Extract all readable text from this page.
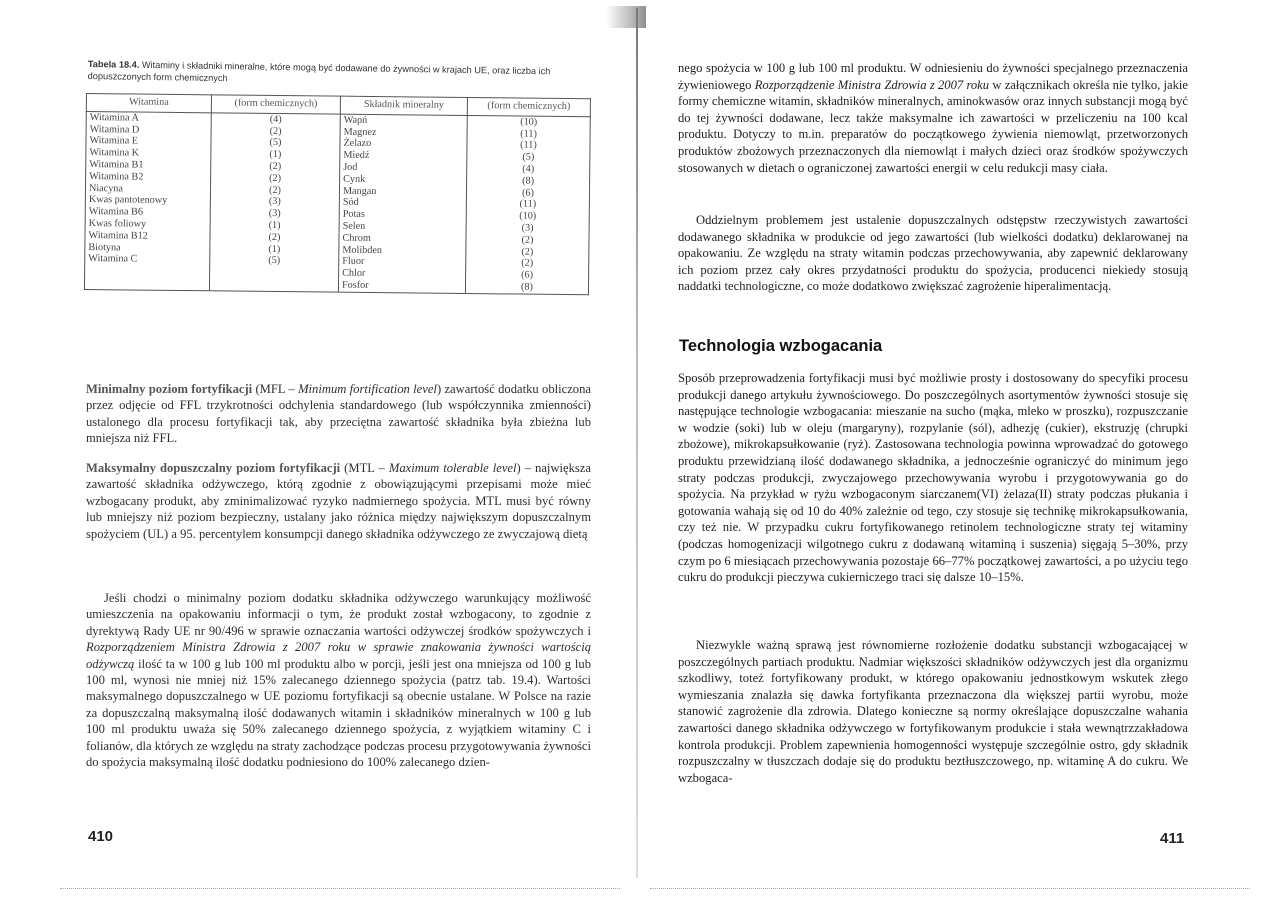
Tabela 18.4. Witaminy i składniki mineralne, które mogą być dodawane do żywności w krajach UE, oraz liczba ich dopuszczonych form chemicznych
Witamina	(form chemicznych)	Składnik mineralny	(form chemicznych)
Witamina A	(4)	Wapń	(10)
Witamina D	(2)	Magnez	(11)
Witamina E	(5)	Żelazo	(11)
Witamina K	(1)	Miedź	(5)
Witamina B1	(2)	Jod	(4)
Witamina B2	(2)	Cynk	(8)
Niacyna	(2)	Mangan	(6)
Kwas pantotenowy	(3)	Sód	(11)
Witamina B6	(3)	Potas	(10)
Kwas foliowy	(1)	Selen	(3)
Witamina B12	(2)	Chrom	(2)
Biotyna	(1)	Molibden	(2)
Witamina C	(5)	Fluor	(2)
		Chlor	(6)
		Fosfor	(8)

Minimalny poziom fortyfikacji (MFL – Minimum fortification level) zawartość dodatku obliczona przez odjęcie od FFL trzykrotności odchylenia standardowego (lub współczynnika zmienności) ustalonego dla procesu fortyfikacji tak, aby przeciętna zawartość składnika była zbieżna lub mniejsza niż FFL.

Maksymalny dopuszczalny poziom fortyfikacji (MTL – Maximum tolerable level) – największa zawartość składnika odżywczego, którą zgodnie z obowiązującymi przepisami może mieć wzbogacany produkt, aby zminimalizować ryzyko nadmiernego spożycia. MTL musi być równy lub mniejszy niż poziom bezpieczny, ustalany jako różnica między największym dopuszczalnym spożyciem (UL) a 95. percentylem konsumpcji danego składnika odżywczego ze zwyczajową dietą

Jeśli chodzi o minimalny poziom dodatku składnika odżywczego warunkujący możliwość umieszczenia na opakowaniu informacji o tym, że produkt został wzbogacony, to zgodnie z dyrektywą Rady UE nr 90/496 w sprawie oznaczania wartości odżywczej środków spożywczych i Rozporządzeniem Ministra Zdrowia z 2007 roku w sprawie znakowania żywności wartością odżywczą ilość ta w 100 g lub 100 ml produktu albo w porcji, jeśli jest ona mniejsza od 100 g lub 100 ml, wynosi nie mniej niż 15% zalecanego dziennego spożycia (patrz tab. 19.4). Wartości maksymalnego dopuszczalnego w UE poziomu fortyfikacji są obecnie ustalane. W Polsce na razie za dopuszczalną maksymalną ilość dodawanych witamin i składników mineralnych w 100 g lub 100 ml produktu uważa się 50% zalecanego dziennego spożycia, z wyjątkiem witaminy C i folianów, dla których ze względu na straty zachodzące podczas procesu przygotowywania żywności do spożycia maksymalną ilość dodatku podniesiono do 100% zalecanego dzien-

410

nego spożycia w 100 g lub 100 ml produktu. W odniesieniu do żywności specjalnego przeznaczenia żywieniowego Rozporządzenie Ministra Zdrowia z 2007 roku w załącznikach określa nie tylko, jakie formy chemiczne witamin, składników mineralnych, aminokwasów oraz innych substancji mogą być do tej żywności dodawane, lecz także maksymalne ich zawartości w przeliczeniu na 100 kcal produktu. Dotyczy to m.in. preparatów do początkowego żywienia niemowląt, przetworzonych produktów zbożowych przeznaczonych dla niemowląt i małych dzieci oraz środków spożywczych stosowanych w dietach o ograniczonej zawartości energii w celu redukcji masy ciała.

Oddzielnym problemem jest ustalenie dopuszczalnych odstępstw rzeczywistych zawartości dodawanego składnika w produkcie od jego zawartości (lub wielkości dodatku) deklarowanej na opakowaniu. Ze względu na straty witamin podczas przechowywania, aby zapewnić deklarowany ich poziom przez cały okres przydatności produktu do spożycia, producenci niekiedy stosują naddatki technologiczne, co może dodatkowo zwiększać zagrożenie hiperalimentacją.

Technologia wzbogacania

Sposób przeprowadzenia fortyfikacji musi być możliwie prosty i dostosowany do specyfiki procesu produkcji danego artykułu żywnościowego. Do poszczególnych asortymentów żywności stosuje się następujące technologie wzbogacania: mieszanie na sucho (mąka, mleko w proszku), rozpuszczanie w wodzie (soki) lub w oleju (margaryny), rozpylanie (sól), adhezję (cukier), ekstruzję (chrupki zbożowe), mikrokapsułkowanie (ryż). Zastosowana technologia powinna wprowadzać do gotowego produktu przewidzianą ilość dodawanego składnika, a jednocześnie ograniczyć do minimum jego straty podczas produkcji, zwyczajowego przechowywania wyrobu i przygotowywania go do spożycia. Na przykład w ryżu wzbogaconym siarczanem(VI) żelaza(II) straty podczas płukania i gotowania wahają się od 10 do 40% zależnie od tego, czy stosuje się technikę mikrokapsułkowania, czy też nie. W przypadku cukru fortyfikowanego retinolem technologiczne straty tej witaminy (podczas homogenizacji wilgotnego cukru z dodawaną witaminą i suszenia) sięgają 5–30%, przy czym po 6 miesiącach przechowywania pozostaje 66–77% początkowej zawartości, a po użyciu tego cukru do produkcji pieczywa cukierniczego traci się dalsze 10–15%.

Niezwykle ważną sprawą jest równomierne rozłożenie dodatku substancji wzbogacającej w poszczególnych partiach produktu. Nadmiar większości składników odżywczych jest dla organizmu szkodliwy, toteż fortyfikowany produkt, w którego opakowaniu jednostkowym wskutek złego wymieszania znalazła się dawka fortyfikanta przeznaczona dla większej partii wyrobu, może stanowić zagrożenie dla zdrowia. Dlatego konieczne są normy określające dopuszczalne wahania zawartości danego składnika odżywczego w fortyfikowanym produkcie i stała wewnątrzzakładowa kontrola produkcji. Problem zapewnienia homogenności występuje szczególnie ostro, gdy składnik rozpuszczalny w tłuszczach dodaje się do produktu beztłuszczowego, np. witaminę A do cukru. We wzbogaca-

411
